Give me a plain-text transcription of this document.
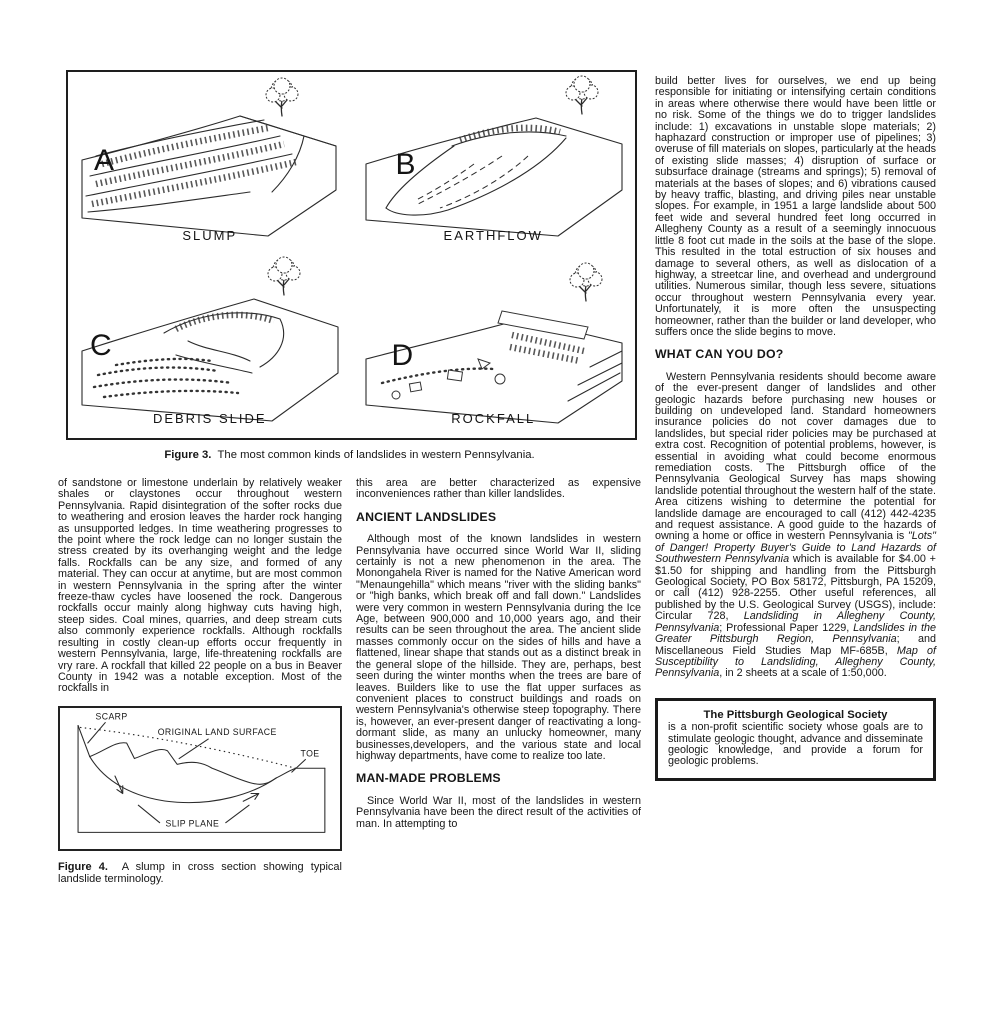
A
SLUMP
B
EARTHFLOW
C
DEBRIS SLIDE
D
ROCKFALL
Figure 3. The most common kinds of landslides in western Pennsylvania.

of sandstone or limestone underlain by relatively weaker shales or claystones occur throughout western Pennsylvania. Rapid disintegration of the softer rocks due to weathering and erosion leaves the harder rock hanging as unsupported ledges. In time weathering progresses to the point where the rock ledge can no longer sustain the stress created by its overhanging weight and the ledge falls. Rockfalls can be any size, and formed of any material. They can occur at anytime, but are most common in western Pennsylvania in the spring after the winter freeze-thaw cycles have loosened the rock. Dangerous rockfalls occur mainly along highway cuts having high, steep sides. Coal mines, quarries, and deep stream cuts also commonly experience rockfalls. Although rockfalls resulting in costly clean-up efforts occur frequently in western Pennsylvania, large, life-threatening rockfalls are vry rare. A rockfall that killed 22 people on a bus in Beaver County in 1942 was a notable exception. Most of the rockfalls in

SCARP
ORIGINAL LAND SURFACE
TOE
SLIP PLANE

Figure 4. A slump in cross section showing typical landslide terminology.

this area are better characterized as expensive inconveniences rather than killer landslides.

ANCIENT LANDSLIDES

Although most of the known landslides in western Pennsylvania have occurred since World War II, sliding certainly is not a new phenomenon in the area. The Monongahela River is named for the Native American word "Menaungehilla" which means "river with the sliding banks" or "high banks, which break off and fall down." Landslides were very common in western Pennsylvania during the Ice Age, between 900,000 and 10,000 years ago, and their results can be seen throughout the area. The ancient slide masses commonly occur on the sides of hills and have a flattened, linear shape that stands out as a distinct break in the general slope of the hillside. They are, perhaps, best seen during the winter months when the trees are bare of leaves. Builders like to use the flat upper surfaces as convenient places to construct buildings and roads on western Pennsylvania's otherwise steep topography. There is, however, an ever-present danger of reactivating a long-dormant slide, as many an unlucky homeowner, many businesses,developers, and the various state and local highway departments, have come to realize too late.

MAN-MADE PROBLEMS

Since World War II, most of the landslides in western Pennsylvania have been the direct result of the activities of man. In attempting to

build better lives for ourselves, we end up being responsible for initiating or intensifying certain conditions in areas where otherwise there would have been little or no risk. Some of the things we do to trigger landslides include: 1) excavations in unstable slope materials; 2) haphazard construction or improper use of pipelines; 3) overuse of fill materials on slopes, particularly at the heads of existing slide masses; 4) disruption of surface or subsurface drainage (streams and springs); 5) removal of materials at the bases of slopes; and 6) vibrations caused by heavy traffic, blasting, and driving piles near unstable slopes. For example, in 1951 a large landslide about 500 feet wide and several hundred feet long occurred in Allegheny County as a result of a seemingly innocuous little 8 foot cut made in the soils at the base of the slope. This resulted in the total estruction of six houses and damage to several others, as well as dislocation of a highway, a streetcar line, and overhead and underground utilities. Numerous similar, though less severe, situations occur throughout western Pennsylvania every year. Unfortunately, it is more often the unsuspecting homeowner, rather than the builder or land developer, who suffers once the slide begins to move.

WHAT CAN YOU DO?

Western Pennsylvania residents should become aware of the ever-present danger of landslides and other geologic hazards before purchasing new houses or building on undeveloped land. Standard homeowners insurance policies do not cover damages due to landslides, but special rider policies may be purchased at extra cost. Recognition of potential problems, however, is essential in avoiding what could become enormous remediation costs. The Pittsburgh office of the Pennsylvania Geological Survey has maps showing landslide potential throughout the western half of the state. Area citizens wishing to determine the potential for landslide damage are encouraged to call (412) 442-4235 and request assistance. A good guide to the hazards of owning a home or office in western Pennsylvania is "Lots" of Danger! Property Buyer's Guide to Land Hazards of Southwestern Pennsylvania which is available for $4.00 + $1.50 for shipping and handling from the Pittsburgh Geological Society, PO Box 58172, Pittsburgh, PA 15209, or call (412) 928-2255. Other useful references, all published by the U.S. Geological Survey (USGS), include: Circular 728, Landsliding in Allegheny County, Pennsylvania; Professional Paper 1229, Landslides in the Greater Pittsburgh Region, Pennsylvania; and Miscellaneous Field Studies Map MF-685B, Map of Susceptibility to Landsliding, Allegheny County, Pennsylvania, in 2 sheets at a scale of 1:50,000.

The Pittsburgh Geological Society
is a non-profit scientific society whose goals are to stimulate geologic thought, advance and disseminate geologic knowledge, and provide a forum for geologic problems.
